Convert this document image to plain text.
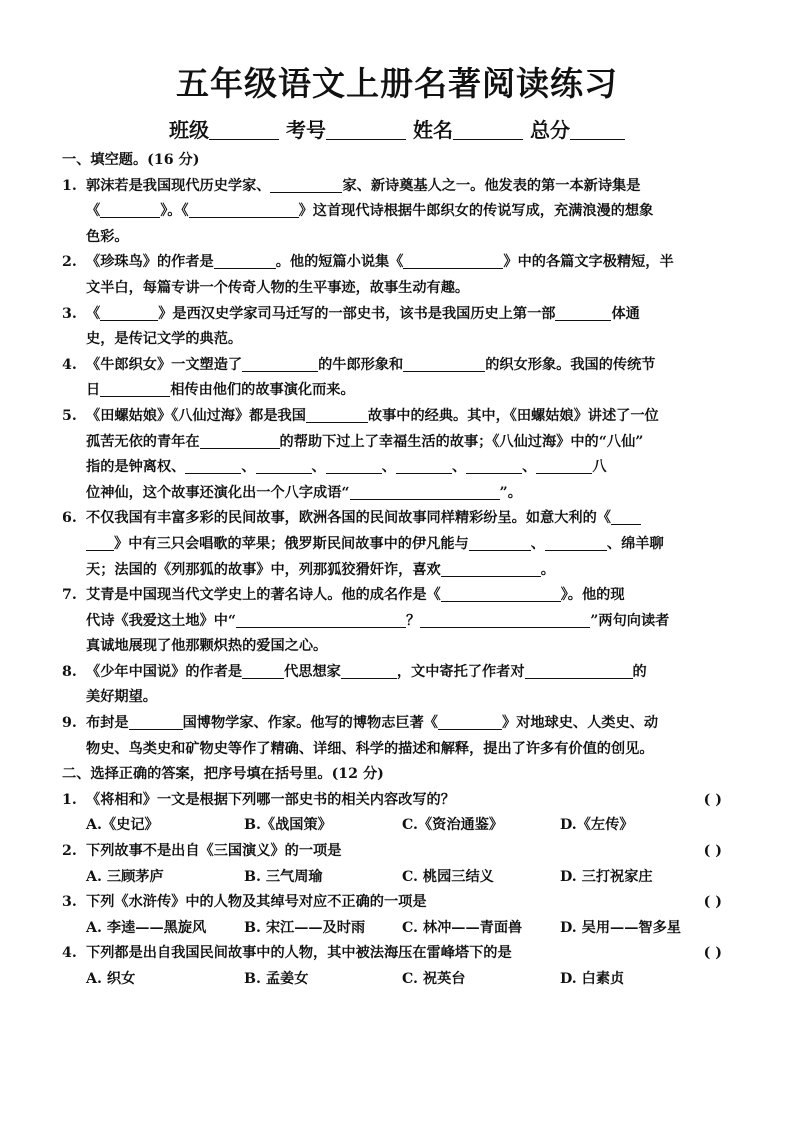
五年级语文上册名著阅读练习
班级	考号	姓名	总分
一、填空题。(16 分)
1. 郭沫若是我国现代历史学家、	家、新诗奠基人之一。他发表的第一本新诗集是
《	》。《	》这首现代诗根据牛郎织女的传说写成，充满浪漫的想象
色彩。
2. 《珍珠鸟》的作者是	。他的短篇小说集《	》中的各篇文字极精短，半
文半白，每篇专讲一个传奇人物的生平事迹，故事生动有趣。
3. 《	》是西汉史学家司马迁写的一部史书，该书是我国历史上第一部	体通
史，是传记文学的典范。
4. 《牛郎织女》一文塑造了	的牛郎形象和	的织女形象。我国的传统节
日	相传由他们的故事演化而来。
5. 《田螺姑娘》《八仙过海》都是我国	故事中的经典。其中，《田螺姑娘》讲述了一位
孤苦无依的青年在	的帮助下过上了幸福生活的故事；《八仙过海》中的“八仙”
指的是钟离权、	、	、	、	、	、	八
位神仙，这个故事还演化出一个八字成语“	”。
6. 不仅我国有丰富多彩的民间故事，欧洲各国的民间故事同样精彩纷呈。如意大利的《
》中有三只会唱歌的苹果；俄罗斯民间故事中的伊凡能与	、	、绵羊聊
天；法国的《列那狐的故事》中，列那狐狡猾奸诈，喜欢	。
7. 艾青是中国现当代文学史上的著名诗人。他的成名作是《	》。他的现
代诗《我爱这土地》中“	？	”两句向读者
真诚地展现了他那颗炽热的爱国之心。
8. 《少年中国说》的作者是	代思想家	，文中寄托了作者对	的
美好期望。
9. 布封是	国博物学家、作家。他写的博物志巨著《	》对地球史、人类史、动
物史、鸟类史和矿物史等作了精确、详细、科学的描述和解释，提出了许多有价值的创见。
二、选择正确的答案，把序号填在括号里。(12 分)
1. 《将相和》一文是根据下列哪一部史书的相关内容改写的？	( )
A.《史记》	B.《战国策》	C.《资治通鉴》	D.《左传》
2. 下列故事不是出自《三国演义》的一项是	( )
A. 三顾茅庐	B. 三气周瑜	C. 桃园三结义	D. 三打祝家庄
3. 下列《水浒传》中的人物及其绰号对应不正确的一项是	( )
A. 李逵——黑旋风	B. 宋江——及时雨	C. 林冲——青面兽	D. 吴用——智多星
4. 下列都是出自我国民间故事中的人物，其中被法海压在雷峰塔下的是	( )
A. 织女	B. 孟姜女	C. 祝英台	D. 白素贞
